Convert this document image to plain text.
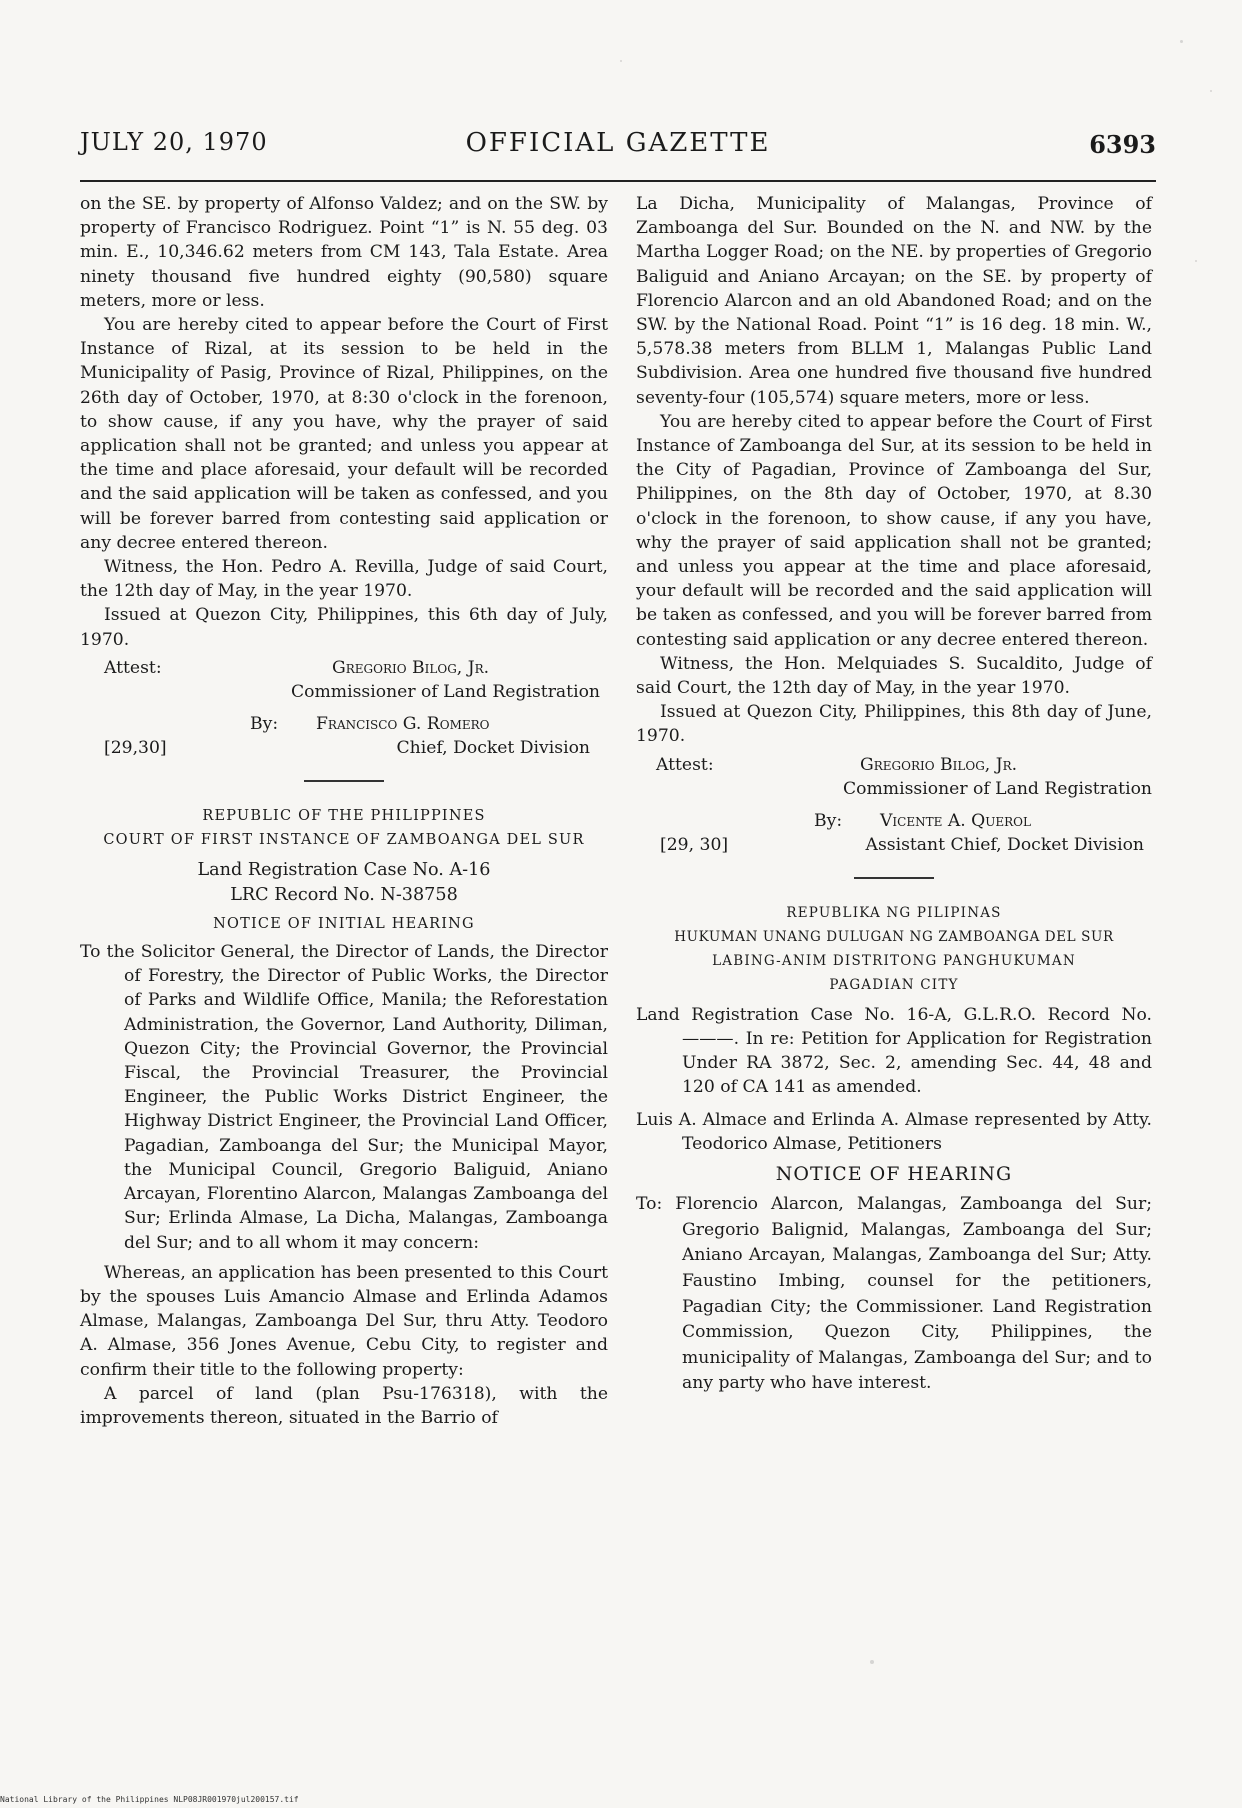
JULY 20, 1970	OFFICIAL GAZETTE	6393

on the SE. by property of Alfonso Valdez; and on the SW. by property of Francisco Rodriguez. Point “1” is N. 55 deg. 03 min. E., 10,346.62 meters from CM 143, Tala Estate. Area ninety thousand five hundred eighty (90,580) square meters, more or less.

You are hereby cited to appear before the Court of First Instance of Rizal, at its session to be held in the Municipality of Pasig, Province of Rizal, Philippines, on the 26th day of October, 1970, at 8:30 o'clock in the forenoon, to show cause, if any you have, why the prayer of said application shall not be granted; and unless you appear at the time and place aforesaid, your default will be recorded and the said application will be taken as confessed, and you will be forever barred from contesting said application or any decree entered thereon.

Witness, the Hon. Pedro A. Revilla, Judge of said Court, the 12th day of May, in the year 1970.

Issued at Quezon City, Philippines, this 6th day of July, 1970.

Attest:	Gregorio Bilog, Jr.

Commissioner of Land Registration

By: Francisco G. Romero
[29,30]	Chief, Docket Division

REPUBLIC OF THE PHILIPPINES

COURT OF FIRST INSTANCE OF ZAMBOANGA DEL SUR

Land Registration Case No. A-16

LRC Record No. N-38758

NOTICE OF INITIAL HEARING

To the Solicitor General, the Director of Lands, the Director of Forestry, the Director of Public Works, the Director of Parks and Wildlife Office, Manila; the Reforestation Administration, the Governor, Land Authority, Diliman, Quezon City; the Provincial Governor, the Provincial Fiscal, the Provincial Treasurer, the Provincial Engineer, the Public Works District Engineer, the Highway District Engineer, the Provincial Land Officer, Pagadian, Zamboanga del Sur; the Municipal Mayor, the Municipal Council, Gregorio Baliguid, Aniano Arcayan, Florentino Alarcon, Malangas Zamboanga del Sur; Erlinda Almase, La Dicha, Malangas, Zamboanga del Sur; and to all whom it may concern:

Whereas, an application has been presented to this Court by the spouses Luis Amancio Almase and Erlinda Adamos Almase, Malangas, Zamboanga Del Sur, thru Atty. Teodoro A. Almase, 356 Jones Avenue, Cebu City, to register and confirm their title to the following property:

A parcel of land (plan Psu-176318), with the improvements thereon, situated in the Barrio of

La Dicha, Municipality of Malangas, Province of Zamboanga del Sur. Bounded on the N. and NW. by the Martha Logger Road; on the NE. by properties of Gregorio Baliguid and Aniano Arcayan; on the SE. by property of Florencio Alarcon and an old Abandoned Road; and on the SW. by the National Road. Point “1” is 16 deg. 18 min. W., 5,578.38 meters from BLLM 1, Malangas Public Land Subdivision. Area one hundred five thousand five hundred seventy-four (105,574) square meters, more or less.

You are hereby cited to appear before the Court of First Instance of Zamboanga del Sur, at its session to be held in the City of Pagadian, Province of Zamboanga del Sur, Philippines, on the 8th day of October, 1970, at 8.30 o'clock in the forenoon, to show cause, if any you have, why the prayer of said application shall not be granted; and unless you appear at the time and place aforesaid, your default will be recorded and the said application will be taken as confessed, and you will be forever barred from contesting said application or any decree entered thereon.

Witness, the Hon. Melquiades S. Sucaldito, Judge of said Court, the 12th day of May, in the year 1970.

Issued at Quezon City, Philippines, this 8th day of June, 1970.

Attest:	Gregorio Bilog, Jr.

Commissioner of Land Registration

By: Vicente A. Querol
[29, 30]	Assistant Chief, Docket Division

REPUBLIKA NG PILIPINAS

HUKUMAN UNANG DULUGAN NG ZAMBOANGA DEL SUR

LABING-ANIM DISTRITONG PANGHUKUMAN

PAGADIAN CITY

Land Registration Case No. 16-A, G.L.R.O. Record No. ———. In re: Petition for Application for Registration Under RA 3872, Sec. 2, amending Sec. 44, 48 and 120 of CA 141 as amended.

Luis A. Almace and Erlinda A. Almase represented by Atty. Teodorico Almase, Petitioners

NOTICE OF HEARING

To: Florencio Alarcon, Malangas, Zamboanga del Sur; Gregorio Balignid, Malangas, Zamboanga del Sur; Aniano Arcayan, Malangas, Zamboanga del Sur; Atty. Faustino Imbing, counsel for the petitioners, Pagadian City; the Commissioner. Land Registration Commission, Quezon City, Philippines, the municipality of Malangas, Zamboanga del Sur; and to any party who have interest.

National Library of the Philippines NLP08JR001970jul200157.tif
